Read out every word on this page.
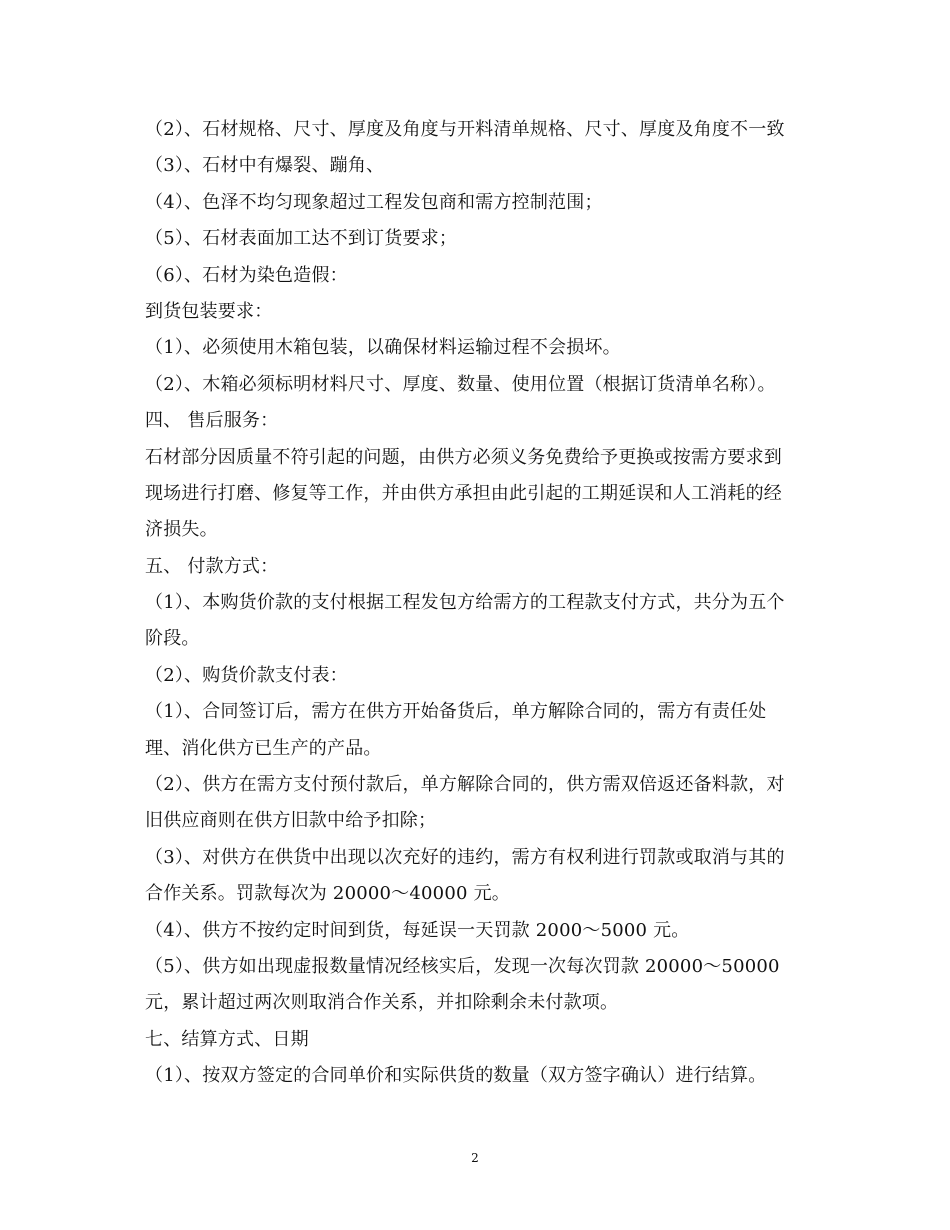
（2）、石材规格、尺寸、厚度及角度与开料清单规格、尺寸、厚度及角度不一致
（3）、石材中有爆裂、蹦角、
（4）、色泽不均匀现象超过工程发包商和需方控制范围；
（5）、石材表面加工达不到订货要求；
（6）、石材为染色造假：
到货包装要求：
（1）、必须使用木箱包装，以确保材料运输过程不会损坏。
（2）、木箱必须标明材料尺寸、厚度、数量、使用位置（根据订货清单名称）。
四、 售后服务：
石材部分因质量不符引起的问题，由供方必须义务免费给予更换或按需方要求到
现场进行打磨、修复等工作，并由供方承担由此引起的工期延误和人工消耗的经
济损失。
五、 付款方式：
（1）、本购货价款的支付根据工程发包方给需方的工程款支付方式，共分为五个
阶段。
（2）、购货价款支付表：
（1）、合同签订后，需方在供方开始备货后，单方解除合同的，需方有责任处
理、消化供方已生产的产品。
（2）、供方在需方支付预付款后，单方解除合同的，供方需双倍返还备料款，对
旧供应商则在供方旧款中给予扣除；
（3）、对供方在供货中出现以次充好的违约，需方有权利进行罚款或取消与其的
合作关系。罚款每次为 20000～40000 元。
（4）、供方不按约定时间到货，每延误一天罚款 2000～5000 元。
（5）、供方如出现虚报数量情况经核实后，发现一次每次罚款 20000～50000
元，累计超过两次则取消合作关系，并扣除剩余未付款项。
七、结算方式、日期
（1）、按双方签定的合同单价和实际供货的数量（双方签字确认）进行结算。
2
